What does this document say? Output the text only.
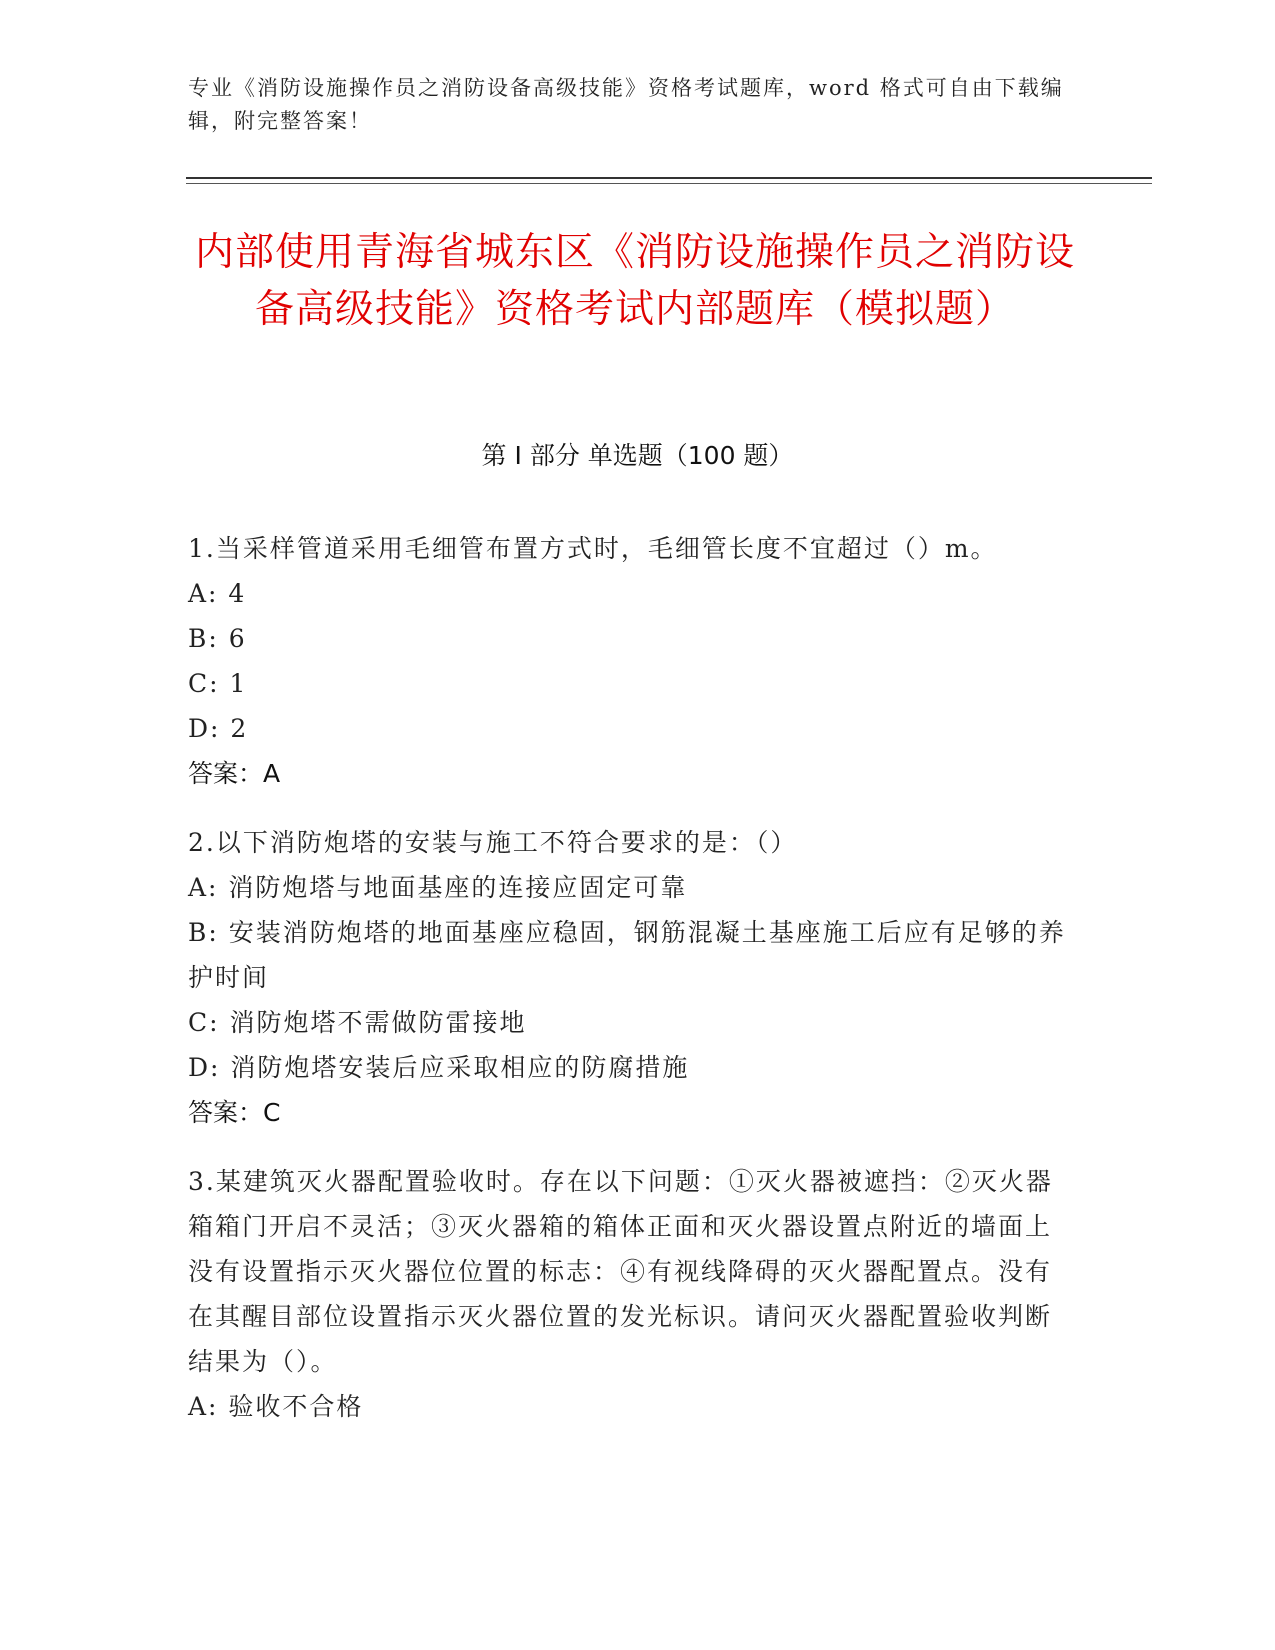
专业《消防设施操作员之消防设备高级技能》资格考试题库，word 格式可自由下载编辑，附完整答案！

内部使用青海省城东区《消防设施操作员之消防设备高级技能》资格考试内部题库（模拟题）
第 I 部分 单选题（100 题）

1.当采样管道采用毛细管布置方式时，毛细管长度不宜超过（）m。

A: 4

B: 6

C: 1

D: 2

答案：A

2.以下消防炮塔的安装与施工不符合要求的是：（）

A: 消防炮塔与地面基座的连接应固定可靠

B: 安装消防炮塔的地面基座应稳固，钢筋混凝土基座施工后应有足够的养护时间

C: 消防炮塔不需做防雷接地

D: 消防炮塔安装后应采取相应的防腐措施

答案：C

3.某建筑灭火器配置验收时。存在以下问题：①灭火器被遮挡：②灭火器箱箱门开启不灵活；③灭火器箱的箱体正面和灭火器设置点附近的墙面上没有设置指示灭火器位位置的标志：④有视线降碍的灭火器配置点。没有在其醒目部位设置指示灭火器位置的发光标识。请问灭火器配置验收判断结果为（）。

A: 验收不合格
